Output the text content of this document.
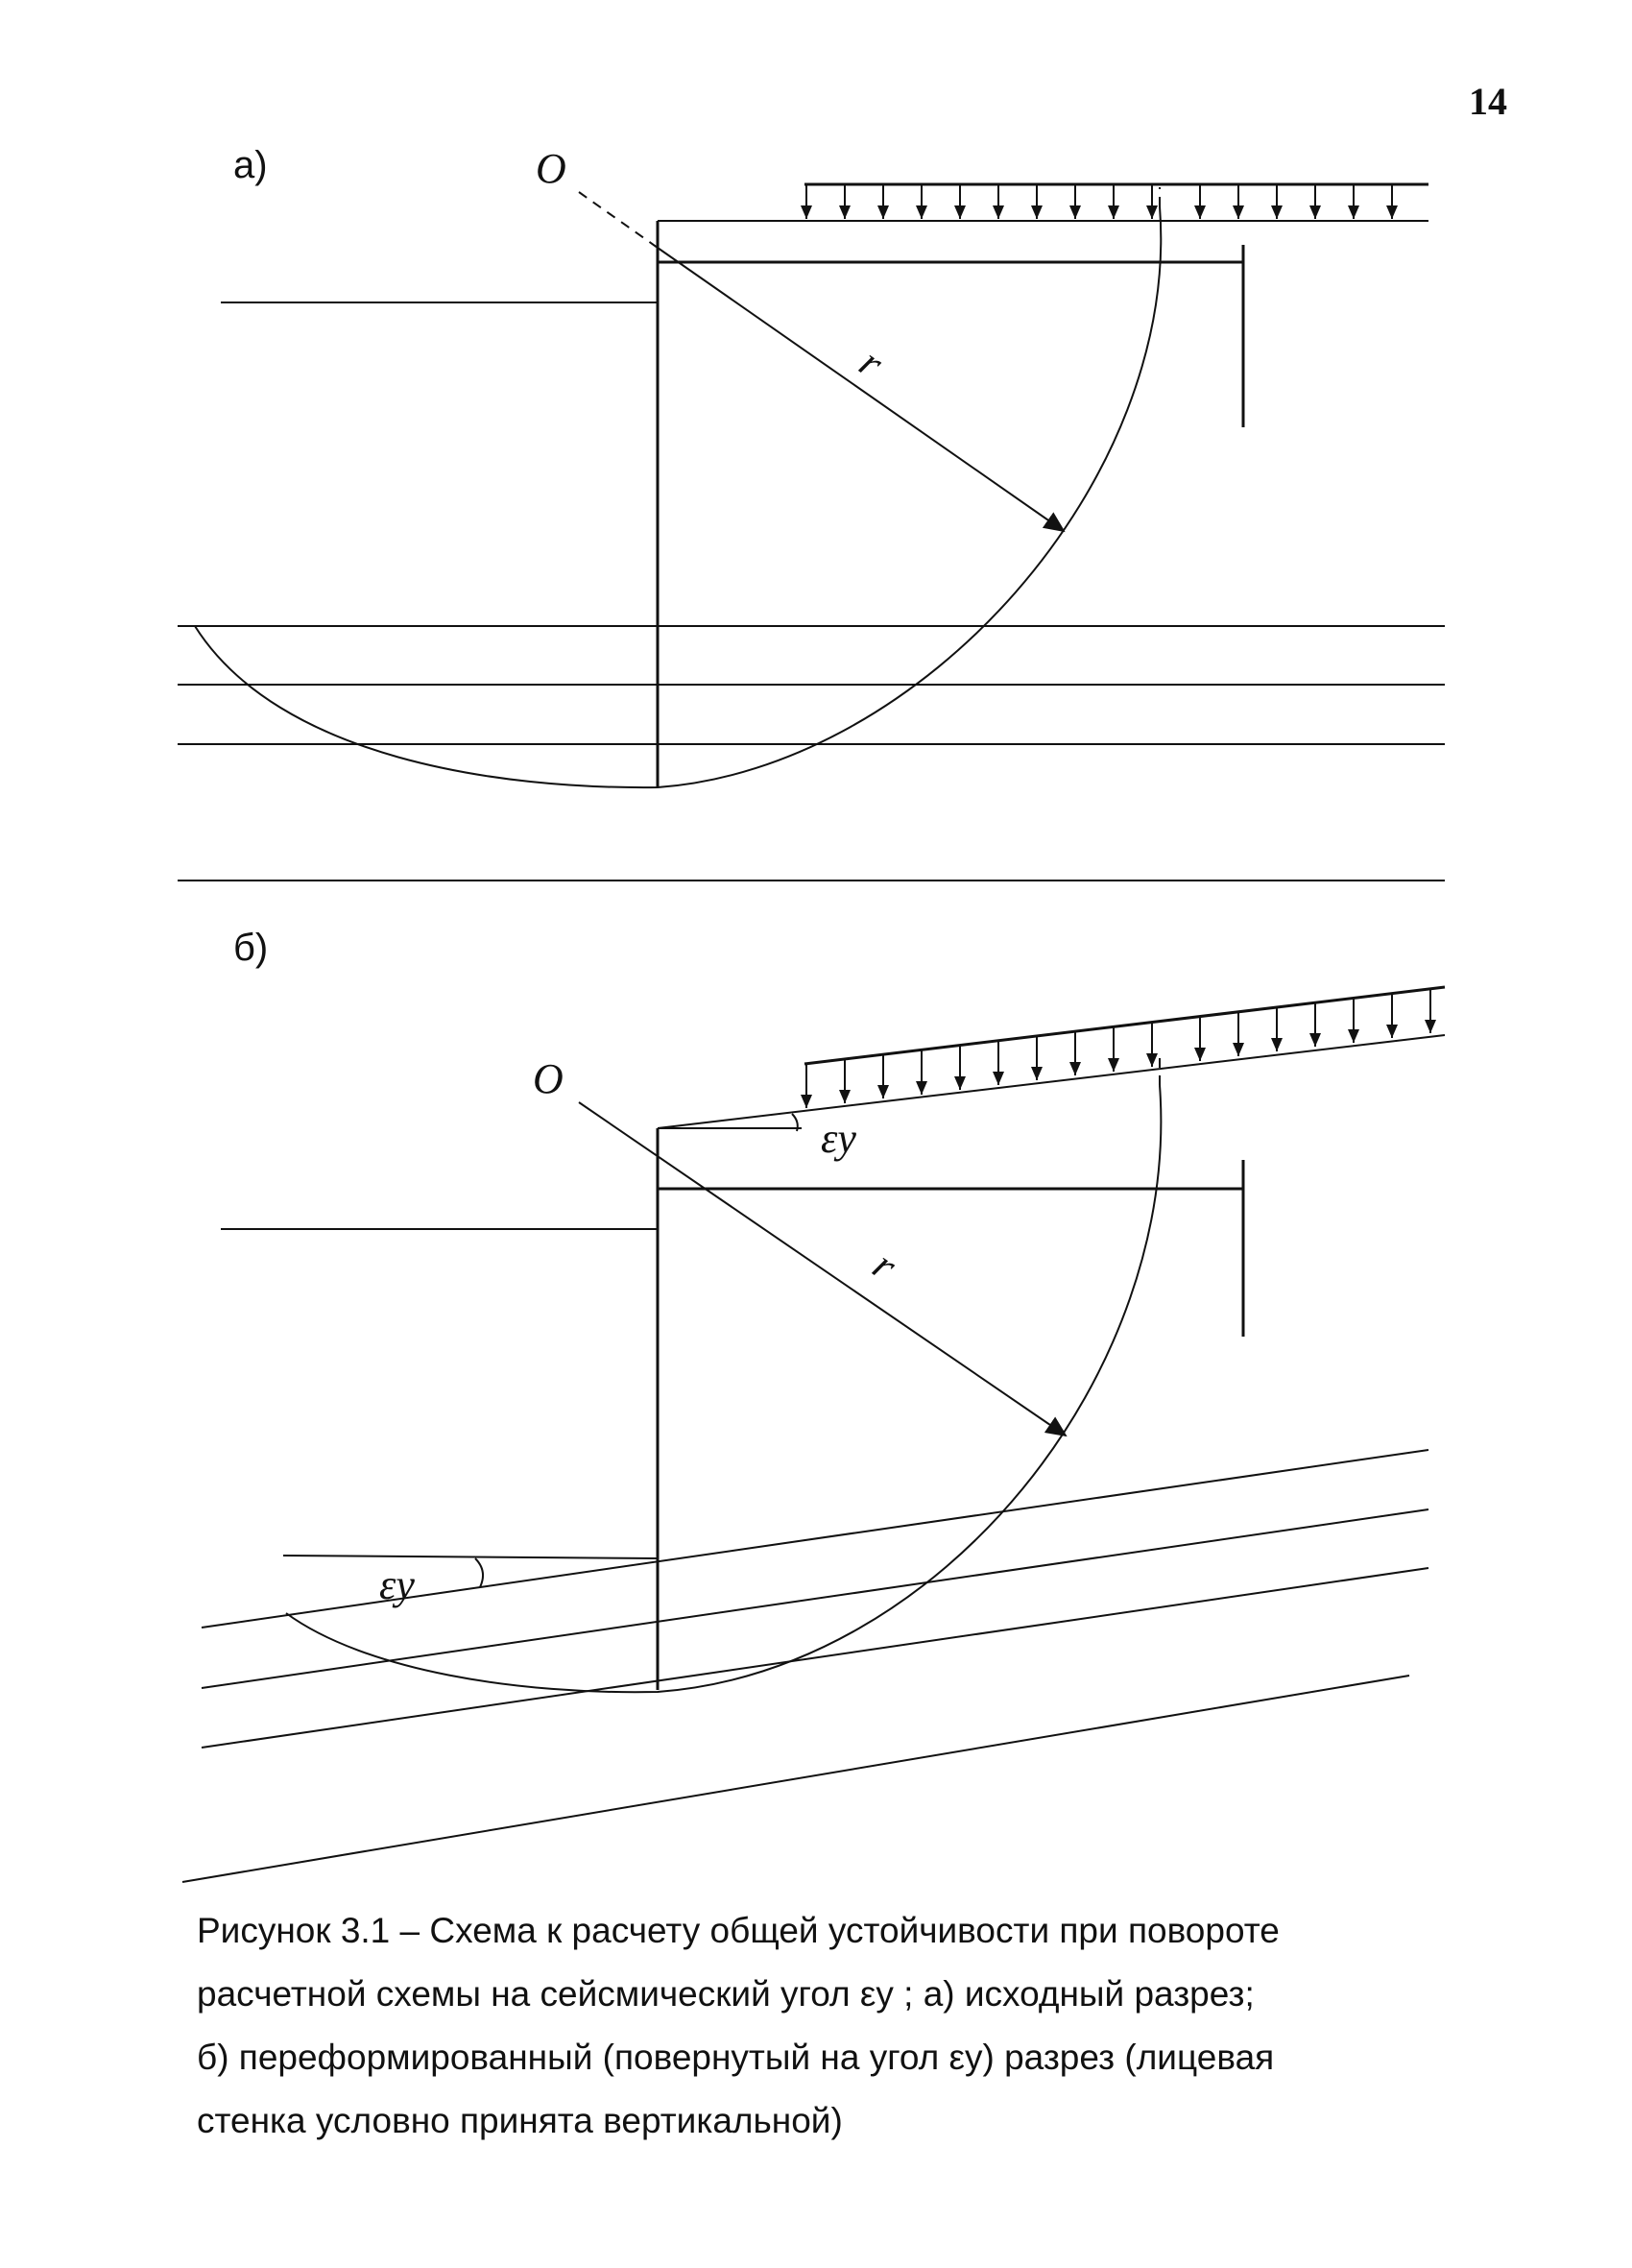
14
а)
б)
O
r
εy
εy
O
r
Рисунок 3.1 – Схема к расчету общей устойчивости при повороте
расчетной схемы на сейсмический угол εy ; а) исходный разрез;
б) переформированный (повернутый на угол εy) разрез (лицевая
стенка условно принята вертикальной)
